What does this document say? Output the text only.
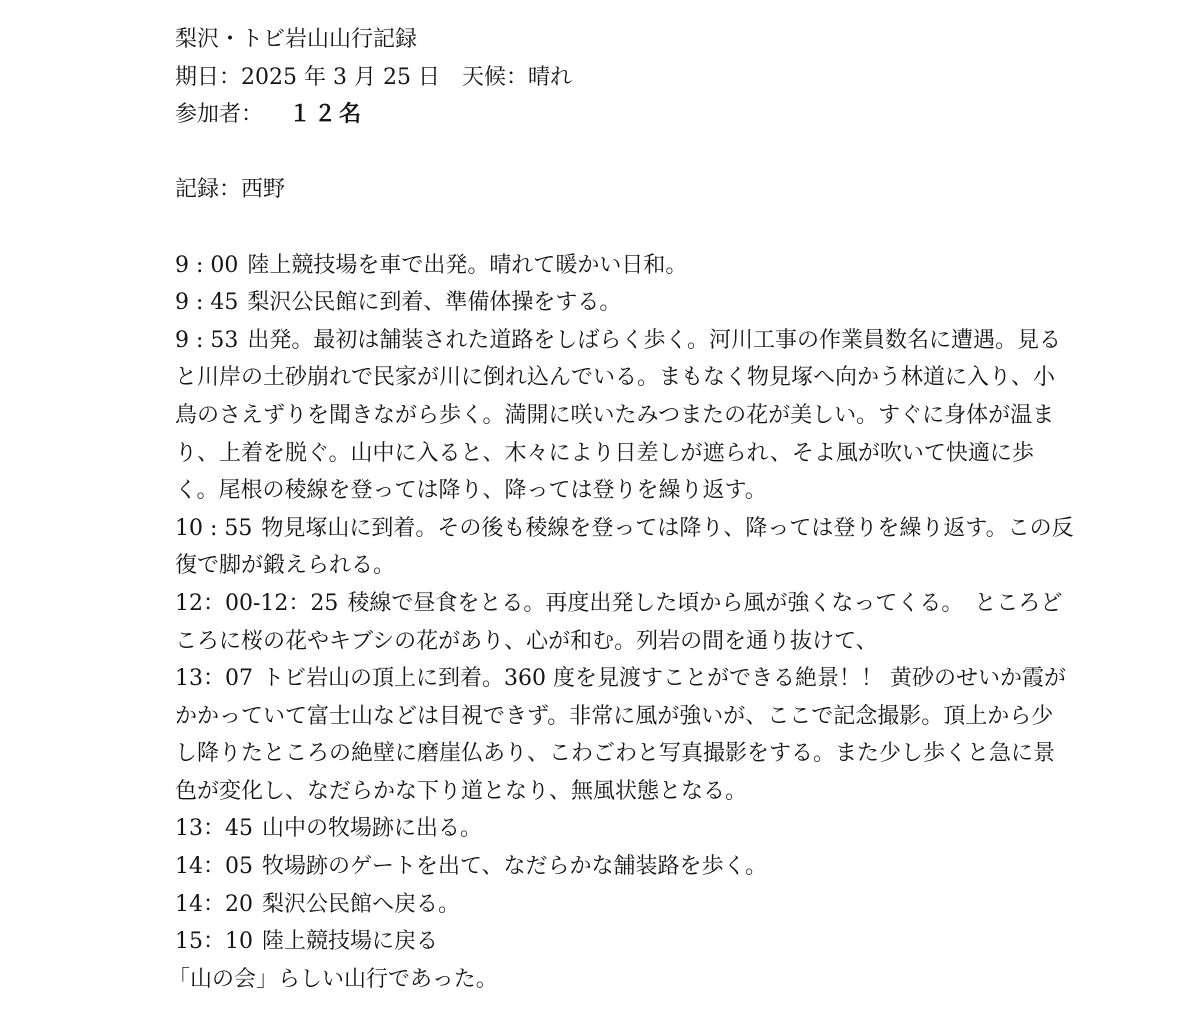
梨沢・トビ岩山山行記録
期日：2025 年 3 月 25 日 天候：晴れ
参加者： １２名
記録：西野
9 : 00 陸上競技場を車で出発。晴れて暖かい日和。
9 : 45 梨沢公民館に到着、準備体操をする。
9 : 53 出発。最初は舗装された道路をしばらく歩く。河川工事の作業員数名に遭遇。見る
と川岸の土砂崩れで民家が川に倒れ込んでいる。まもなく物見塚へ向かう林道に入り、小
鳥のさえずりを聞きながら歩く。満開に咲いたみつまたの花が美しい。すぐに身体が温ま
り、上着を脱ぐ。山中に入ると、木々により日差しが遮られ、そよ風が吹いて快適に歩
く。尾根の稜線を登っては降り、降っては登りを繰り返す。
10 : 55 物見塚山に到着。その後も稜線を登っては降り、降っては登りを繰り返す。この反
復で脚が鍛えられる。
12：00-12：25 稜線で昼食をとる。再度出発した頃から風が強くなってくる。　ところど
ころに桜の花やキブシの花があり、心が和む。列岩の間を通り抜けて、
13：07 トビ岩山の頂上に到着。360 度を見渡すことができる絶景！！ 黄砂のせいか霞が
かかっていて富士山などは目視できず。非常に風が強いが、ここで記念撮影。頂上から少
し降りたところの絶壁に磨崖仏あり、こわごわと写真撮影をする。また少し歩くと急に景
色が変化し、なだらかな下り道となり、無風状態となる。
13：45 山中の牧場跡に出る。
14：05 牧場跡のゲートを出て、なだらかな舗装路を歩く。
14：20 梨沢公民館へ戻る。
15：10 陸上競技場に戻る
「山の会」らしい山行であった。
